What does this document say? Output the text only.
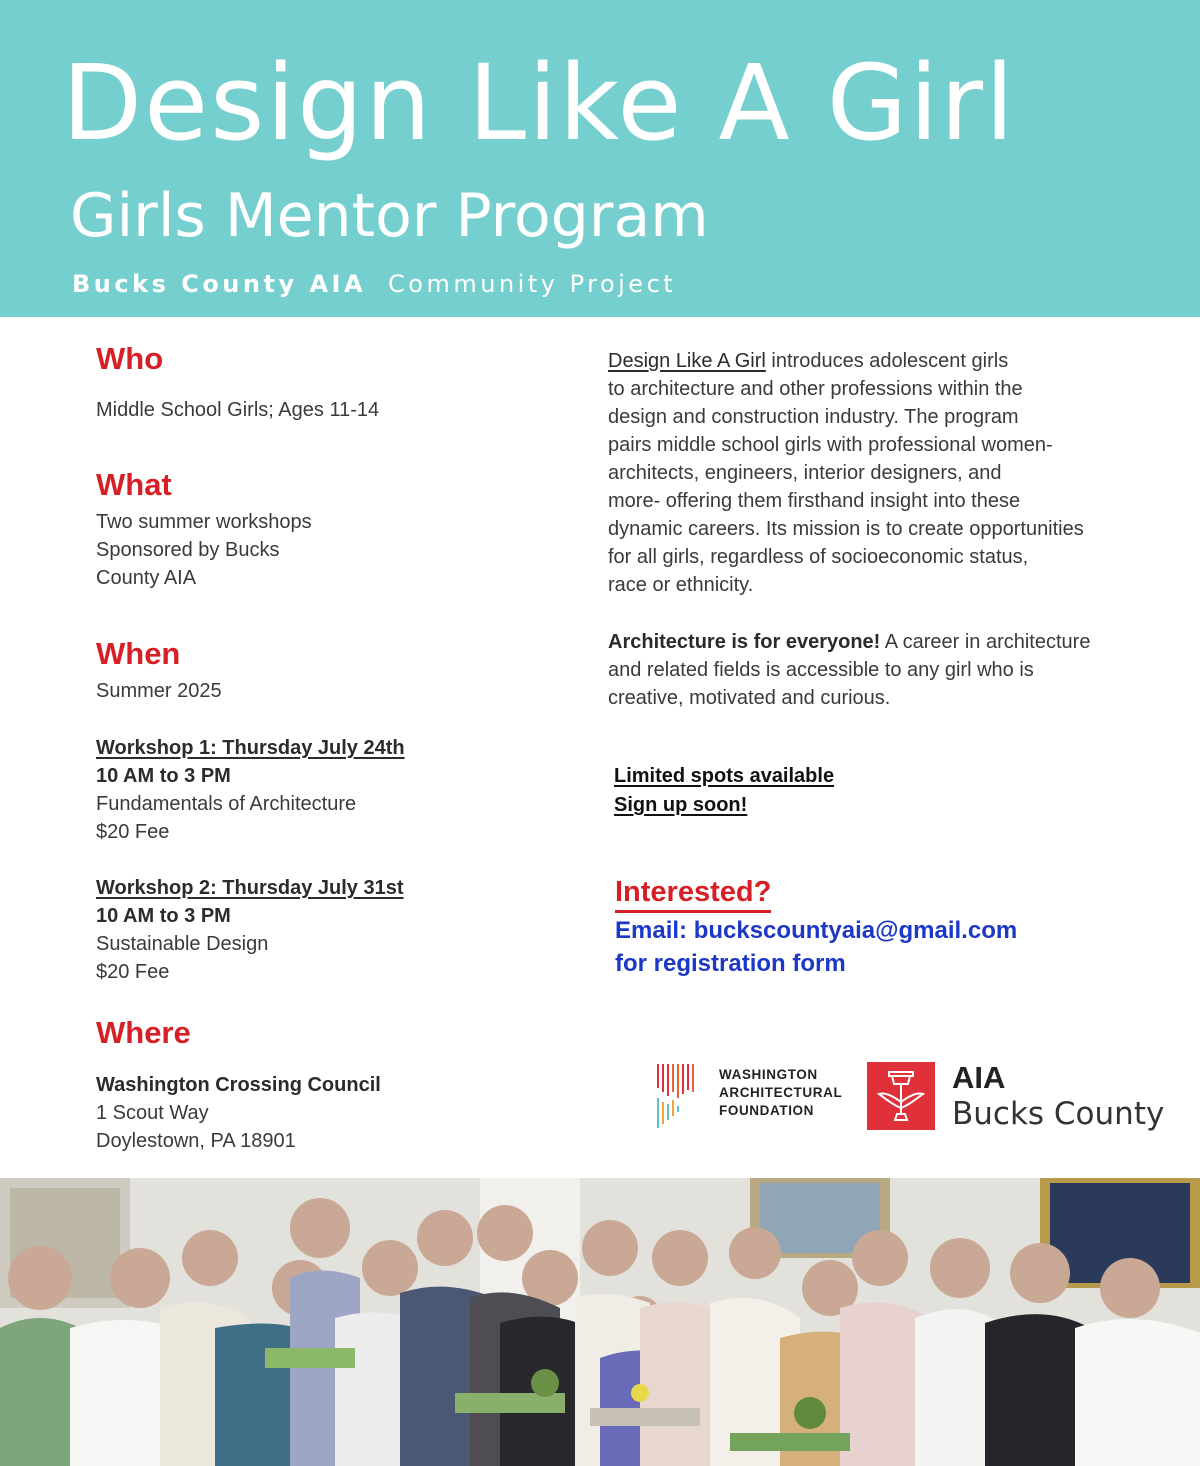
Design Like A Girl
Girls Mentor Program
Bucks County AIA Community Project
Who
Middle School Girls; Ages 11-14
What
Two summer workshops
Sponsored by Bucks
County AIA
When
Summer 2025
Workshop 1: Thursday July 24th
10 AM to 3 PM
Fundamentals of Architecture
$20 Fee
Workshop 2: Thursday July 31st
10 AM to 3 PM
Sustainable Design
$20 Fee
Where
Washington Crossing Council
1 Scout Way
Doylestown, PA 18901
Design Like A Girl introduces adolescent girls
to architecture and other professions within the
design and construction industry. The program
pairs middle school girls with professional women-
architects, engineers, interior designers, and
more- offering them firsthand insight into these
dynamic careers. Its mission is to create opportunities
for all girls, regardless of socioeconomic status,
race or ethnicity.
Architecture is for everyone! A career in architecture
and related fields is accessible to any girl who is
creative, motivated and curious.
Limited spots available
Sign up soon!
Interested?
Email: buckscountyaia@gmail.com
for registration form
WASHINGTON
ARCHITECTURAL
FOUNDATION
AIA
Bucks County
